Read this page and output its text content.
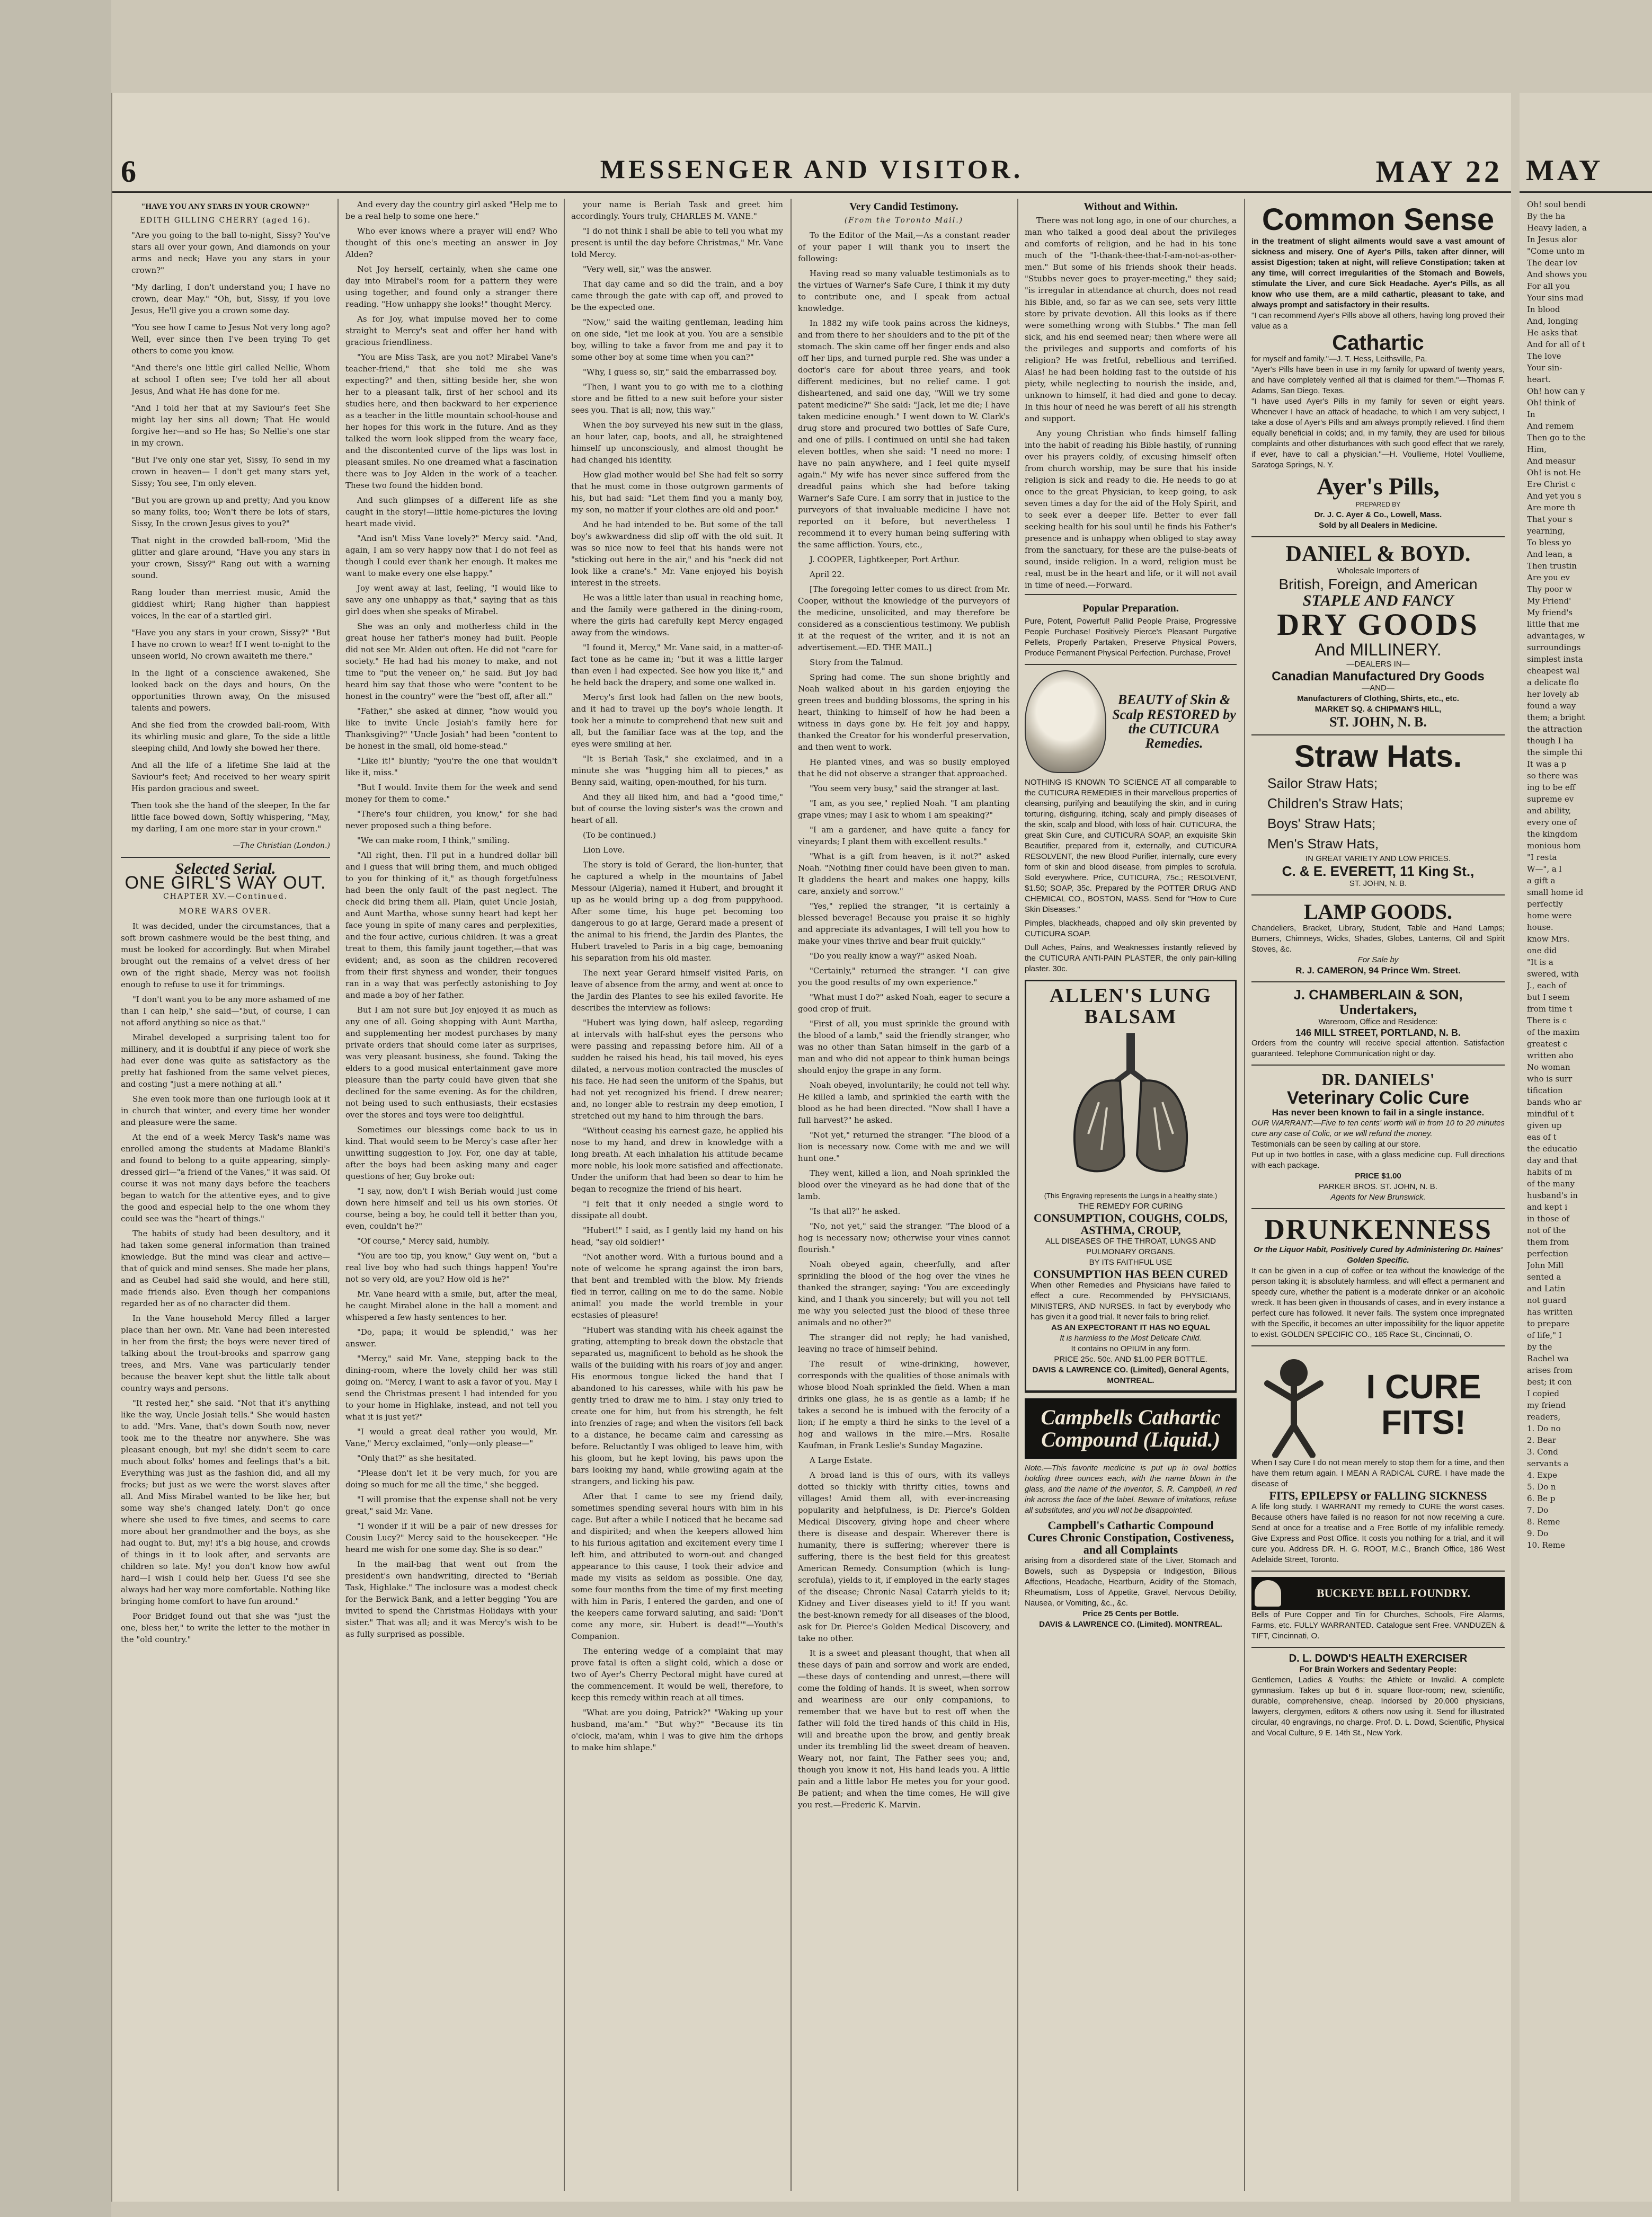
6	MESSENGER AND VISITOR.	MAY 22
"HAVE YOU ANY STARS IN YOUR CROWN?"
EDITH GILLING CHERRY (aged 16).

"Are you going to the ball to-night, Sissy? You've stars all over your gown, And diamonds on your arms and neck; Have you any stars in your crown?"

"My darling, I don't understand you; I have no crown, dear May." "Oh, but, Sissy, if you love Jesus, He'll give you a crown some day.

"You see how I came to Jesus Not very long ago? Well, ever since then I've been trying To get others to come you know.

"And there's one little girl called Nellie, Whom at school I often see; I've told her all about Jesus, And what He has done for me.

"And I told her that at my Saviour's feet She might lay her sins all down; That He would forgive her—and so He has; So Nellie's one star in my crown.

"But I've only one star yet, Sissy, To send in my crown in heaven— I don't get many stars yet, Sissy; You see, I'm only eleven.

"But you are grown up and pretty; And you know so many folks, too; Won't there be lots of stars, Sissy, In the crown Jesus gives to you?"

That night in the crowded ball-room, 'Mid the glitter and glare around, "Have you any stars in your crown, Sissy?" Rang out with a warning sound.

Rang louder than merriest music, Amid the giddiest whirl; Rang higher than happiest voices, In the ear of a startled girl.

"Have you any stars in your crown, Sissy?" "But I have no crown to wear! If I went to-night to the unseen world, No crown awaiteth me there."

In the light of a conscience awakened, She looked back on the days and hours, On the opportunities thrown away, On the misused talents and powers.

And she fled from the crowded ball-room, With its whirling music and glare, To the side a little sleeping child, And lowly she bowed her there.

And all the life of a lifetime She laid at the Saviour's feet; And received to her weary spirit His pardon gracious and sweet.

Then took she the hand of the sleeper, In the far little face bowed down, Softly whispering, "May, my darling, I am one more star in your crown."

—The Christian (London.)
Selected Serial.
ONE GIRL'S WAY OUT.
CHAPTER XV.—Continued.
MORE WARS OVER.

It was decided, under the circumstances, that a soft brown cashmere would be the best thing, and must be looked for accordingly. But when Mirabel brought out the remains of a velvet dress of her own of the right shade, Mercy was not foolish enough to refuse to use it for trimmings.

"I don't want you to be any more ashamed of me than I can help," she said—"but, of course, I can not afford anything so nice as that."

Mirabel developed a surprising talent too for millinery, and it is doubtful if any piece of work she had ever done was quite as satisfactory as the pretty hat fashioned from the same velvet pieces, and costing "just a mere nothing at all."

She even took more than one furlough look at it in church that winter, and every time her wonder and pleasure were the same.

At the end of a week Mercy Task's name was enrolled among the students at Madame Blanki's and found to belong to a quite appearing, simply-dressed girl—"a friend of the Vanes," it was said. Of course it was not many days before the teachers began to watch for the attentive eyes, and to give the good and especial help to the one whom they could see was the "heart of things."

The habits of study had been desultory, and it had taken some general information than trained knowledge. But the mind was clear and active—that of quick and mind senses. She made her plans, and as Ceubel had said she would, and here still, made friends also. Even though her companions regarded her as of no character did them.

In the Vane household Mercy filled a larger place than her own. Mr. Vane had been interested in her from the first; the boys were never tired of talking about the trout-brooks and sparrow gang trees, and Mrs. Vane was particularly tender because the beaver kept shut the little talk about country ways and persons.

"It rested her," she said. "Not that it's anything like the way, Uncle Josiah tells." She would hasten to add. "Mrs. Vane, that's down South now, never took me to the theatre nor anywhere. She was pleasant enough, but my! she didn't seem to care much about folks' homes and feelings that's a bit. Everything was just as the fashion did, and all my frocks; but just as we were the worst slaves after all. And Miss Mirabel wanted to be like her, but some way she's changed lately. Don't go once where she used to five times, and seems to care more about her grandmother and the boys, as she had ought to. But, my! it's a big house, and crowds of things in it to look after, and servants are children so late. My! you don't know how awful hard—I wish I could help her. Guess I'd see she always had her way more comfortable. Nothing like bringing home comfort to have fun around."

Poor Bridget found out that she was "just the one, bless her," to write the letter to the mother in the "old country."

And every day the country girl asked "Help me to be a real help to some one here."

Who ever knows where a prayer will end? Who thought of this one's meeting an answer in Joy Alden?

Not Joy herself, certainly, when she came one day into Mirabel's room for a pattern they were using together, and found only a stranger there reading. "How unhappy she looks!" thought Mercy.

As for Joy, what impulse moved her to come straight to Mercy's seat and offer her hand with gracious friendliness.

"You are Miss Task, are you not? Mirabel Vane's teacher-friend," that she told me she was expecting?" and then, sitting beside her, she won her to a pleasant talk, first of her school and its studies here, and then backward to her experience as a teacher in the little mountain school-house and her hopes for this work in the future. And as they talked the worn look slipped from the weary face, and the discontented curve of the lips was lost in pleasant smiles. No one dreamed what a fascination there was to Joy Alden in the work of a teacher. These two found the hidden bond.

And such glimpses of a different life as she caught in the story!—little home-pictures the loving heart made vivid.

"And isn't Miss Vane lovely?" Mercy said. "And, again, I am so very happy now that I do not feel as though I could ever thank her enough. It makes me want to make every one else happy."

Joy went away at last, feeling, "I would like to save any one unhappy as that," saying that as this girl does when she speaks of Mirabel.

She was an only and motherless child in the great house her father's money had built. People did not see Mr. Alden out often. He did not "care for society." He had had his money to make, and not time to "put the veneer on," he said. But Joy had heard him say that those who were "content to be honest in the country" were the "best off, after all."

"Father," she asked at dinner, "how would you like to invite Uncle Josiah's family here for Thanksgiving?" "Uncle Josiah" had been "content to be honest in the small, old home-stead."

"Like it!" bluntly; "you're the one that wouldn't like it, miss."

"But I would. Invite them for the week and send money for them to come."

"There's four children, you know," for she had never proposed such a thing before.

"We can make room, I think," smiling.

"All right, then. I'll put in a hundred dollar bill and I guess that will bring them, and much obliged to you for thinking of it," as though forgetfulness had been the only fault of the past neglect. The check did bring them all. Plain, quiet Uncle Josiah, and Aunt Martha, whose sunny heart had kept her face young in spite of many cares and perplexities, and the four active, curious children. It was a great treat to them, this family jaunt together,—that was evident; and, as soon as the children recovered from their first shyness and wonder, their tongues ran in a way that was perfectly astonishing to Joy and made a boy of her father.

But I am not sure but Joy enjoyed it as much as any one of all. Going shopping with Aunt Martha, and supplementing her modest purchases by many private orders that should come later as surprises, was very pleasant business, she found. Taking the elders to a good musical entertainment gave more pleasure than the party could have given that she declined for the same evening. As for the children, not being used to such enthusiasts, their ecstasies over the stores and toys were too delightful.

Sometimes our blessings come back to us in kind. That would seem to be Mercy's case after her unwitting suggestion to Joy. For, one day at table, after the boys had been asking many and eager questions of her, Guy broke out:

"I say, now, don't I wish Beriah would just come down here himself and tell us his own stories. Of course, being a boy, he could tell it better than you, even, couldn't he?"

"Of course," Mercy said, humbly.

"You are too tip, you know," Guy went on, "but a real live boy who had such things happen! You're not so very old, are you? How old is he?"

Mr. Vane heard with a smile, but, after the meal, he caught Mirabel alone in the hall a moment and whispered a few hasty sentences to her.

"Do, papa; it would be splendid," was her answer.

"Mercy," said Mr. Vane, stepping back to the dining-room, where the lovely child her was still going on. "Mercy, I want to ask a favor of you. May I send the Christmas present I had intended for you to your home in Highlake, instead, and not tell you what it is just yet?"

"I would a great deal rather you would, Mr. Vane," Mercy exclaimed, "only—only please—"

"Only that?" as she hesitated.

"Please don't let it be very much, for you are doing so much for me all the time," she begged.

"I will promise that the expense shall not be very great," said Mr. Vane.

"I wonder if it will be a pair of new dresses for Cousin Lucy?" Mercy said to the housekeeper. "He heard me wish for one some day. She is so dear."

In the mail-bag that went out from the president's own handwriting, directed to "Beriah Task, Highlake." The inclosure was a modest check for the Berwick Bank, and a letter begging "You are invited to spend the Christmas Holidays with your sister." That was all; and it was Mercy's wish to be as fully surprised as possible.

your name is Beriah Task and greet him accordingly. Yours truly, CHARLES M. VANE."

"I do not think I shall be able to tell you what my present is until the day before Christmas," Mr. Vane told Mercy.

"Very well, sir," was the answer.

That day came and so did the train, and a boy came through the gate with cap off, and proved to be the expected one.

"Now," said the waiting gentleman, leading him on one side, "let me look at you. You are a sensible boy, willing to take a favor from me and pay it to some other boy at some time when you can?"

"Why, I guess so, sir," said the embarrassed boy.

"Then, I want you to go with me to a clothing store and be fitted to a new suit before your sister sees you. That is all; now, this way."

When the boy surveyed his new suit in the glass, an hour later, cap, boots, and all, he straightened himself up unconsciously, and almost thought he had changed his identity.

How glad mother would be! She had felt so sorry that he must come in those outgrown garments of his, but had said: "Let them find you a manly boy, my son, no matter if your clothes are old and poor."

And he had intended to be. But some of the tall boy's awkwardness did slip off with the old suit. It was so nice now to feel that his hands were not "sticking out here in the air," and his "neck did not look like a crane's." Mr. Vane enjoyed his boyish interest in the streets.

He was a little later than usual in reaching home, and the family were gathered in the dining-room, where the girls had carefully kept Mercy engaged away from the windows.

"I found it, Mercy," Mr. Vane said, in a matter-of-fact tone as he came in; "but it was a little larger than even I had expected. See how you like it," and he held back the drapery, and some one walked in.

Mercy's first look had fallen on the new boots, and it had to travel up the boy's whole length. It took her a minute to comprehend that new suit and all, but the familiar face was at the top, and the eyes were smiling at her.

"It is Beriah Task," she exclaimed, and in a minute she was "hugging him all to pieces," as Benny said, waiting, open-mouthed, for his turn.

And they all liked him, and had a "good time," but of course the loving sister's was the crown and heart of all.

(To be continued.)

Lion Love.

The story is told of Gerard, the lion-hunter, that he captured a whelp in the mountains of Jabel Messour (Algeria), named it Hubert, and brought it up as he would bring up a dog from puppyhood. After some time, his huge pet becoming too dangerous to go at large, Gerard made a present of the animal to his friend, the Jardin des Plantes, the Hubert traveled to Paris in a big cage, bemoaning his separation from his old master.

The next year Gerard himself visited Paris, on leave of absence from the army, and went at once to the Jardin des Plantes to see his exiled favorite. He describes the interview as follows:

"Hubert was lying down, half asleep, regarding at intervals with half-shut eyes the persons who were passing and repassing before him. All of a sudden he raised his head, his tail moved, his eyes dilated, a nervous motion contracted the muscles of his face. He had seen the uniform of the Spahis, but had not yet recognized his friend. I drew nearer; and, no longer able to restrain my deep emotion, I stretched out my hand to him through the bars.

"Without ceasing his earnest gaze, he applied his nose to my hand, and drew in knowledge with a long breath. At each inhalation his attitude became more noble, his look more satisfied and affectionate. Under the uniform that had been so dear to him he began to recognize the friend of his heart.

"I felt that it only needed a single word to dissipate all doubt.

"Hubert!" I said, as I gently laid my hand on his head, "say old soldier!"

"Not another word. With a furious bound and a note of welcome he sprang against the iron bars, that bent and trembled with the blow. My friends fled in terror, calling on me to do the same. Noble animal! you made the world tremble in your ecstasies of pleasure!

"Hubert was standing with his cheek against the grating, attempting to break down the obstacle that separated us, magnificent to behold as he shook the walls of the building with his roars of joy and anger. His enormous tongue licked the hand that I abandoned to his caresses, while with his paw he gently tried to draw me to him. I stay only tried to create one for him, but from his strength, he felt into frenzies of rage; and when the visitors fell back to a distance, he became calm and caressing as before. Reluctantly I was obliged to leave him, with his gloom, but he kept loving, his paws upon the bars looking my hand, while growling again at the strangers, and licking his paw.

After that I came to see my friend daily, sometimes spending several hours with him in his cage. But after a while I noticed that he became sad and dispirited; and when the keepers allowed him to his furious agitation and excitement every time I left him, and attributed to worn-out and changed appearance to this cause, I took their advice and made my visits as seldom as possible. One day, some four months from the time of my first meeting with him in Paris, I entered the garden, and one of the keepers came forward saluting, and said: 'Don't come any more, sir. Hubert is dead!'"—Youth's Companion.

The entering wedge of a complaint that may prove fatal is often a slight cold, which a dose or two of Ayer's Cherry Pectoral might have cured at the commencement. It would be well, therefore, to keep this remedy within reach at all times.

"What are you doing, Patrick?" "Waking up your husband, ma'am." "But why?" "Because its tin o'clock, ma'am, whin I was to give him the drhops to make him shlape."

Very Candid Testimony.
(From the Toronto Mail.)

To the Editor of the Mail,—As a constant reader of your paper I will thank you to insert the following:

Having read so many valuable testimonials as to the virtues of Warner's Safe Cure, I think it my duty to contribute one, and I speak from actual knowledge.

In 1882 my wife took pains across the kidneys, and from there to her shoulders and to the pit of the stomach. The skin came off her finger ends and also off her lips, and turned purple red. She was under a doctor's care for about three years, and took different medicines, but no relief came. I got disheartened, and said one day, "Will we try some patent medicine?" She said: "Jack, let me die; I have taken medicine enough." I went down to W. Clark's drug store and procured two bottles of Safe Cure, and one of pills. I continued on until she had taken eleven bottles, when she said: "I need no more: I have no pain anywhere, and I feel quite myself again." My wife has never since suffered from the dreadful pains which she had before taking Warner's Safe Cure. I am sorry that in justice to the purveyors of that invaluable medicine I have not reported on it before, but nevertheless I recommend it to every human being suffering with the same affliction. Yours, etc.,

J. COOPER, Lightkeeper, Port Arthur.

April 22.

[The foregoing letter comes to us direct from Mr. Cooper, without the knowledge of the purveyors of the medicine, unsolicited, and may therefore be considered as a conscientious testimony. We publish it at the request of the writer, and it is not an advertisement.—ED. THE MAIL.]

Story from the Talmud.

Spring had come. The sun shone brightly and Noah walked about in his garden enjoying the green trees and budding blossoms, the spring in his heart, thinking to himself of how he had been a witness in days gone by. He felt joy and happy, thanked the Creator for his wonderful preservation, and then went to work.

He planted vines, and was so busily employed that he did not observe a stranger that approached.

"You seem very busy," said the stranger at last.

"I am, as you see," replied Noah. "I am planting grape vines; may I ask to whom I am speaking?"

"I am a gardener, and have quite a fancy for vineyards; I plant them with excellent results."

"What is a gift from heaven, is it not?" asked Noah. "Nothing finer could have been given to man. It gladdens the heart and makes one happy, kills care, anxiety and sorrow."

"Yes," replied the stranger, "it is certainly a blessed beverage! Because you praise it so highly and appreciate its advantages, I will tell you how to make your vines thrive and bear fruit quickly."

"Do you really know a way?" asked Noah.

"Certainly," returned the stranger. "I can give you the good results of my own experience."

"What must I do?" asked Noah, eager to secure a good crop of fruit.

"First of all, you must sprinkle the ground with the blood of a lamb," said the friendly stranger, who was no other than Satan himself in the garb of a man and who did not appear to think human beings should enjoy the grape in any form.

Noah obeyed, involuntarily; he could not tell why. He killed a lamb, and sprinkled the earth with the blood as he had been directed. "Now shall I have a full harvest?" he asked.

"Not yet," returned the stranger. "The blood of a lion is necessary now. Come with me and we will hunt one."

They went, killed a lion, and Noah sprinkled the blood over the vineyard as he had done that of the lamb.

"Is that all?" he asked.

"No, not yet," said the stranger. "The blood of a hog is necessary now; otherwise your vines cannot flourish."

Noah obeyed again, cheerfully, and after sprinkling the blood of the hog over the vines he thanked the stranger, saying: "You are exceedingly kind, and I thank you sincerely; but will you not tell me why you selected just the blood of these three animals and no other?"

The stranger did not reply; he had vanished, leaving no trace of himself behind.

The result of wine-drinking, however, corresponds with the qualities of those animals with whose blood Noah sprinkled the field. When a man drinks one glass, he is as gentle as a lamb; if he takes a second he is imbued with the ferocity of a lion; if he empty a third he sinks to the level of a hog and wallows in the mire.—Mrs. Rosalie Kaufman, in Frank Leslie's Sunday Magazine.

A Large Estate.

A broad land is this of ours, with its valleys dotted so thickly with thrifty cities, towns and villages! Amid them all, with ever-increasing popularity and helpfulness, is Dr. Pierce's Golden Medical Discovery, giving hope and cheer where there is disease and despair. Wherever there is humanity, there is suffering; wherever there is suffering, there is the best field for this greatest American Remedy. Consumption (which is lung-scrofula), yields to it, if employed in the early stages of the disease; Chronic Nasal Catarrh yields to it; Kidney and Liver diseases yield to it! If you want the best-known remedy for all diseases of the blood, ask for Dr. Pierce's Golden Medical Discovery, and take no other.

It is a sweet and pleasant thought, that when all these days of pain and sorrow and work are ended,—these days of contending and unrest,—there will come the folding of hands. It is sweet, when sorrow and weariness are our only companions, to remember that we have but to rest off when the father will fold the tired hands of this child in His, will and breathe upon the brow, and gently break under its trembling lid the sweet dream of heaven. Weary not, nor faint, The Father sees you; and, though you know it not, His hand leads you. A little pain and a little labor He metes you for your good. Be patient; and when the time comes, He will give you rest.—Frederic K. Marvin.

Without and Within.

There was not long ago, in one of our churches, a man who talked a good deal about the privileges and comforts of religion, and he had in his tone much of the "I-thank-thee-that-I-am-not-as-other-men." But some of his friends shook their heads. "Stubbs never goes to prayer-meeting," they said; "is irregular in attendance at church, does not read his Bible, and, so far as we can see, sets very little store by private devotion. All this looks as if there were something wrong with Stubbs." The man fell sick, and his end seemed near; then where were all the privileges and supports and comforts of his religion? He was fretful, rebellious and terrified. Alas! he had been holding fast to the outside of his piety, while neglecting to nourish the inside, and, unknown to himself, it had died and gone to decay. In this hour of need he was bereft of all his strength and support.

Any young Christian who finds himself falling into the habit of reading his Bible hastily, of running over his prayers coldly, of excusing himself often from church worship, may be sure that his inside religion is sick and ready to die. He needs to go at once to the great Physician, to keep going, to ask seven times a day for the aid of the Holy Spirit, and to seek ever a deeper life. Better to ever fall seeking health for his soul until he finds his Father's presence and is unhappy when obliged to stay away from the sanctuary, for these are the pulse-beats of sound, inside religion. In a word, religion must be real, must be in the heart and life, or it will not avail in time of need.—Forward.

Popular Preparation.
Pure, Potent, Powerful! Pallid People Praise, Progressive People Purchase! Positively Pierce's Pleasant Purgative Pellets, Properly Partaken, Preserve Physical Powers, Produce Permanent Physical Perfection. Purchase, Prove!
BEAUTY of Skin & Scalp RESTORED by the CUTICURA Remedies.
NOTHING IS KNOWN TO SCIENCE AT all comparable to the CUTICURA REMEDIES in their marvellous properties of cleansing, purifying and beautifying the skin, and in curing torturing, disfiguring, itching, scaly and pimply diseases of the skin, scalp and blood, with loss of hair. CUTICURA, the great Skin Cure, and CUTICURA SOAP, an exquisite Skin Beautifier, prepared from it, externally, and CUTICURA RESOLVENT, the new Blood Purifier, internally, cure every form of skin and blood disease, from pimples to scrofula. Sold everywhere. Price, CUTICURA, 75c.; RESOLVENT, $1.50; SOAP, 35c. Prepared by the POTTER DRUG AND CHEMICAL CO., BOSTON, MASS. Send for "How to Cure Skin Diseases."
Pimples, blackheads, chapped and oily skin prevented by CUTICURA SOAP.
Dull Aches, Pains, and Weaknesses instantly relieved by the CUTICURA ANTI-PAIN PLASTER, the only pain-killing plaster. 30c.
ALLEN'S LUNG BALSAM
(This Engraving represents the Lungs in a healthy state.)
THE REMEDY FOR CURING
CONSUMPTION, COUGHS, COLDS, ASTHMA, CROUP,
ALL DISEASES OF THE THROAT, LUNGS AND PULMONARY ORGANS.
BY ITS FAITHFUL USE
CONSUMPTION HAS BEEN CURED
When other Remedies and Physicians have failed to effect a cure. Recommended by PHYSICIANS, MINISTERS, AND NURSES. In fact by everybody who has given it a good trial. It never fails to bring relief.
AS AN EXPECTORANT IT HAS NO EQUAL
It is harmless to the Most Delicate Child.
It contains no OPIUM in any form.
PRICE 25c. 50c. AND $1.00 PER BOTTLE.
DAVIS & LAWRENCE CO. (Limited), General Agents, MONTREAL.
Campbells Cathartic Compound (Liquid.)
Note.—This favorite medicine is put up in oval bottles holding three ounces each, with the name blown in the glass, and the name of the inventor, S. R. Campbell, in red ink across the face of the label. Beware of imitations, refuse all substitutes, and you will not be disappointed.
Campbell's Cathartic Compound
Cures Chronic Constipation, Costiveness, and all Complaints
arising from a disordered state of the Liver, Stomach and Bowels, such as Dyspepsia or Indigestion, Bilious Affections, Headache, Heartburn, Acidity of the Stomach, Rheumatism, Loss of Appetite, Gravel, Nervous Debility, Nausea, or Vomiting, &c., &c.
Price 25 Cents per Bottle.
DAVIS & LAWRENCE CO. (Limited). MONTREAL.
Common Sense
in the treatment of slight ailments would save a vast amount of sickness and misery. One of Ayer's Pills, taken after dinner, will assist Digestion; taken at night, will relieve Constipation; taken at any time, will correct irregularities of the Stomach and Bowels, stimulate the Liver, and cure Sick Headache. Ayer's Pills, as all know who use them, are a mild cathartic, pleasant to take, and always prompt and satisfactory in their results.
"I can recommend Ayer's Pills above all others, having long proved their value as a
Cathartic
for myself and family."—J. T. Hess, Leithsville, Pa.
"Ayer's Pills have been in use in my family for upward of twenty years, and have completely verified all that is claimed for them."—Thomas F. Adams, San Diego, Texas.
"I have used Ayer's Pills in my family for seven or eight years. Whenever I have an attack of headache, to which I am very subject, I take a dose of Ayer's Pills and am always promptly relieved. I find them equally beneficial in colds; and, in my family, they are used for bilious complaints and other disturbances with such good effect that we rarely, if ever, have to call a physician."—H. Voullieme, Hotel Voullieme, Saratoga Springs, N. Y.
Ayer's Pills,
PREPARED BY
Dr. J. C. Ayer & Co., Lowell, Mass.
Sold by all Dealers in Medicine.
DANIEL & BOYD.
Wholesale Importers of
British, Foreign, and American
STAPLE AND FANCY
DRY GOODS
And MILLINERY.
—DEALERS IN—
Canadian Manufactured Dry Goods
—AND—
Manufacturers of Clothing, Shirts, etc., etc.
MARKET SQ. & CHIPMAN'S HILL,
ST. JOHN, N. B.
Straw Hats.
Sailor Straw Hats;
Children's Straw Hats;
Boys' Straw Hats;
Men's Straw Hats,
IN GREAT VARIETY AND LOW PRICES.
C. & E. EVERETT, 11 King St.,
ST. JOHN, N. B.
LAMP GOODS.
Chandeliers, Bracket, Library, Student, Table and Hand Lamps; Burners, Chimneys, Wicks, Shades, Globes, Lanterns, Oil and Spirit Stoves, &c.
For Sale by
R. J. CAMERON, 94 Prince Wm. Street.
J. CHAMBERLAIN & SON,
Undertakers,
Wareroom, Office and Residence:
146 MILL STREET, PORTLAND, N. B.
Orders from the country will receive special attention. Satisfaction guaranteed. Telephone Communication night or day.
DR. DANIELS'
Veterinary Colic Cure
Has never been known to fail in a single instance.
OUR WARRANT:—Five to ten cents' worth will in from 10 to 20 minutes cure any case of Colic, or we will refund the money.
Testimonials can be seen by calling at our store.
Put up in two bottles in case, with a glass medicine cup. Full directions with each package.
PRICE $1.00
PARKER BROS. ST. JOHN, N. B.
Agents for New Brunswick.
DRUNKENNESS
Or the Liquor Habit, Positively Cured by Administering Dr. Haines' Golden Specific.
It can be given in a cup of coffee or tea without the knowledge of the person taking it; is absolutely harmless, and will effect a permanent and speedy cure, whether the patient is a moderate drinker or an alcoholic wreck. It has been given in thousands of cases, and in every instance a perfect cure has followed. It never fails. The system once impregnated with the Specific, it becomes an utter impossibility for the liquor appetite to exist. GOLDEN SPECIFIC CO., 185 Race St., Cincinnati, O.
I CURE FITS!
When I say Cure I do not mean merely to stop them for a time, and then have them return again. I MEAN A RADICAL CURE. I have made the disease of
FITS, EPILEPSY or FALLING SICKNESS
A life long study. I WARRANT my remedy to CURE the worst cases. Because others have failed is no reason for not now receiving a cure. Send at once for a treatise and a Free Bottle of my infallible remedy. Give Express and Post Office. It costs you nothing for a trial, and it will cure you. Address DR. H. G. ROOT, M.C., Branch Office, 186 West Adelaide Street, Toronto.
BUCKEYE BELL FOUNDRY.
Bells of Pure Copper and Tin for Churches, Schools, Fire Alarms, Farms, etc. FULLY WARRANTED. Catalogue sent Free. VANDUZEN & TIFT, Cincinnati, O.
D. L. DOWD'S HEALTH EXERCISER
For Brain Workers and Sedentary People:
Gentlemen, Ladies & Youths; the Athlete or Invalid. A complete gymnasium. Takes up but 6 in. square floor-room; new, scientific, durable, comprehensive, cheap. Indorsed by 20,000 physicians, lawyers, clergymen, editors & others now using it. Send for illustrated circular, 40 engravings, no charge. Prof. D. L. Dowd, Scientific, Physical and Vocal Culture, 9 E. 14th St., New York.
MAY
Oh! soul bendi
By the ha
Heavy laden, a
In Jesus alor
"Come unto m
The dear lov
And shows you
For all you
Your sins mad
In blood
And, longing
He asks that
And for all of t
The love
Your sin-
heart.
Oh! how can y
Oh! think of
In
And remem
Then go to the
Him,
And measur
Oh! is not He
Ere Christ c
And yet you s
Are more th
That your s
yearning,
To bless yo
And lean, a
Then trustin
Are you ev
Thy poor w
My Friend'
My friend's
little that me
advantages, w
surroundings
simplest insta
cheapest wal
a delicate flo
her lovely ab
found a way
them; a bright
the attraction
though I ha
the simple thi
It was a p
so there was
ing to be eff
supreme ev
and ability,
every one of
the kingdom
monious hom
"I resta
W—", a l
a gift a
small home id
perfectly
home were
house.
know Mrs.
one did
"It is a
swered, with
J., each of
but I seem
from time t
There is c
of the maxim
greatest c
written abo
No woman
who is surr
tification
bands who ar
mindful of t
given up
eas of t
the educatio
day and that
habits of m
of the many
husband's in
and kept i
in those of
not of the
them from
perfection
John Mill
sented a
and Latin
not guard
has written
to prepare
of life," I
by the
Rachel wa
arises from
best; it con
I copied
my friend
readers,
1. Do no
2. Bear
3. Cond
servants a
4. Expe
5. Do n
6. Be p
7. Do
8. Reme
9. Do
10. Reme
